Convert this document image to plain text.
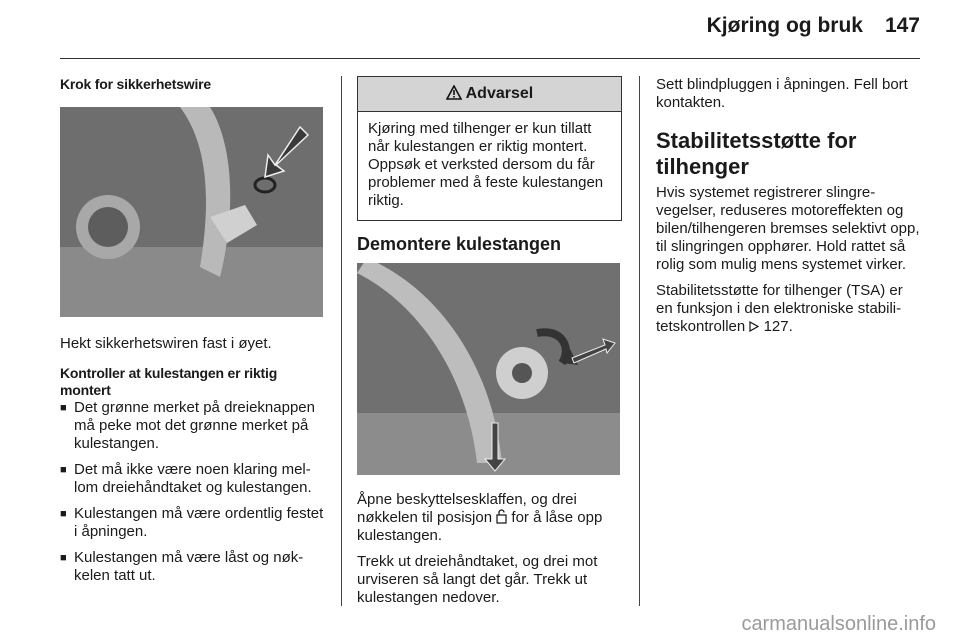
Kjøring og bruk 147
Krok for sikkerhetswire

Hekt sikkerhetswiren fast i øyet.

Kontroller at kulestangen er riktig montert
■ Det grønne merket på dreieknappen må peke mot det grønne merket på kulestangen.
■ Det må ikke være noen klaring mellom dreiehåndtaket og kulestangen.
■ Kulestangen må være ordentlig festet i åpningen.
■ Kulestangen må være låst og nøkkelen tatt ut.
Advarsel
Kjøring med tilhenger er kun tillatt når kulestangen er riktig montert. Oppsøk et verksted dersom du får problemer med å feste kulestangen riktig.
Demontere kulestangen

Åpne beskyttelsesklaffen, og drei nøkkelen til posisjon  for å låse opp kulestangen.

Trekk ut dreiehåndtaket, og drei mot urviseren så langt det går. Trekk ut kulestangen nedover.

Sett blindpluggen i åpningen. Fell bort kontakten.

Stabilitetsstøtte for tilhenger

Hvis systemet registrerer slingrevegelser, reduseres motoreffekten og bilen/tilhengeren bremses selektivt opp, til slingringen opphører. Hold rattet så rolig som mulig mens systemet virker.

Stabilitetsstøtte for tilhenger (TSA) er en funksjon i den elektroniske stabilitetskontrollen  127.

carmanualsonline.info
